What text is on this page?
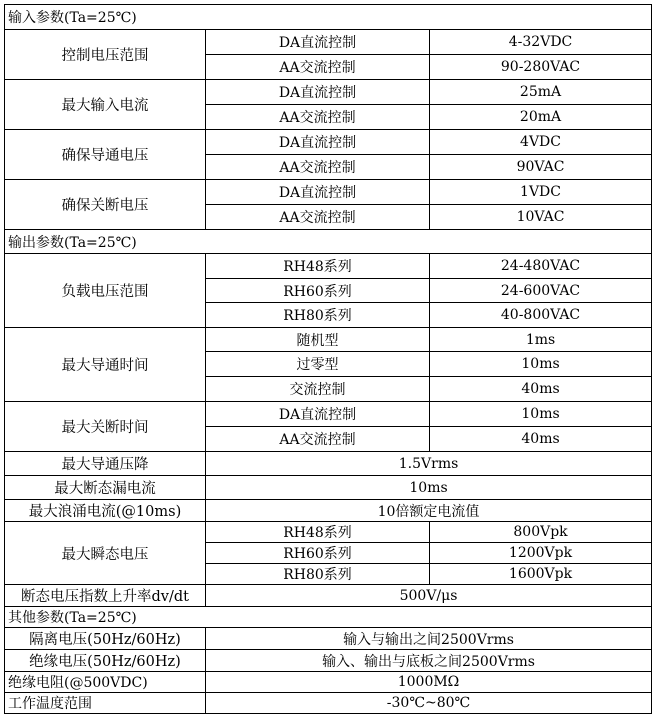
输入参数(Ta=25℃)		
控制电压范围	DA直流控制	4-32VDC
	AA交流控制	90-280VAC
最大输入电流	DA直流控制	25mA
	AA交流控制	20mA
确保导通电压	DA直流控制	4VDC
	AA交流控制	90VAC
确保关断电压	DA直流控制	1VDC
	AA交流控制	10VAC
输出参数(Ta=25℃)		
负载电压范围	RH48系列	24-480VAC
	RH60系列	24-600VAC
	RH80系列	40-800VAC
最大导通时间	随机型	1ms
	过零型	10ms
	交流控制	40ms
最大关断时间	DA直流控制	10ms
	AA交流控制	40ms
最大导通压降	1.5Vrms	
最大断态漏电流	10ms	
最大浪涌电流(@10ms)	10倍额定电流值	
最大瞬态电压	RH48系列	800Vpk
	RH60系列	1200Vpk
	RH80系列	1600Vpk
断态电压指数上升率dv/dt	500V/μs	
其他参数(Ta=25℃)		
隔离电压(50Hz/60Hz)	输入与输出之间2500Vrms	
绝缘电压(50Hz/60Hz)	输入、输出与底板之间2500Vrms	
绝缘电阻(@500VDC)	1000MΩ	
工作温度范围	-30℃~80℃	
